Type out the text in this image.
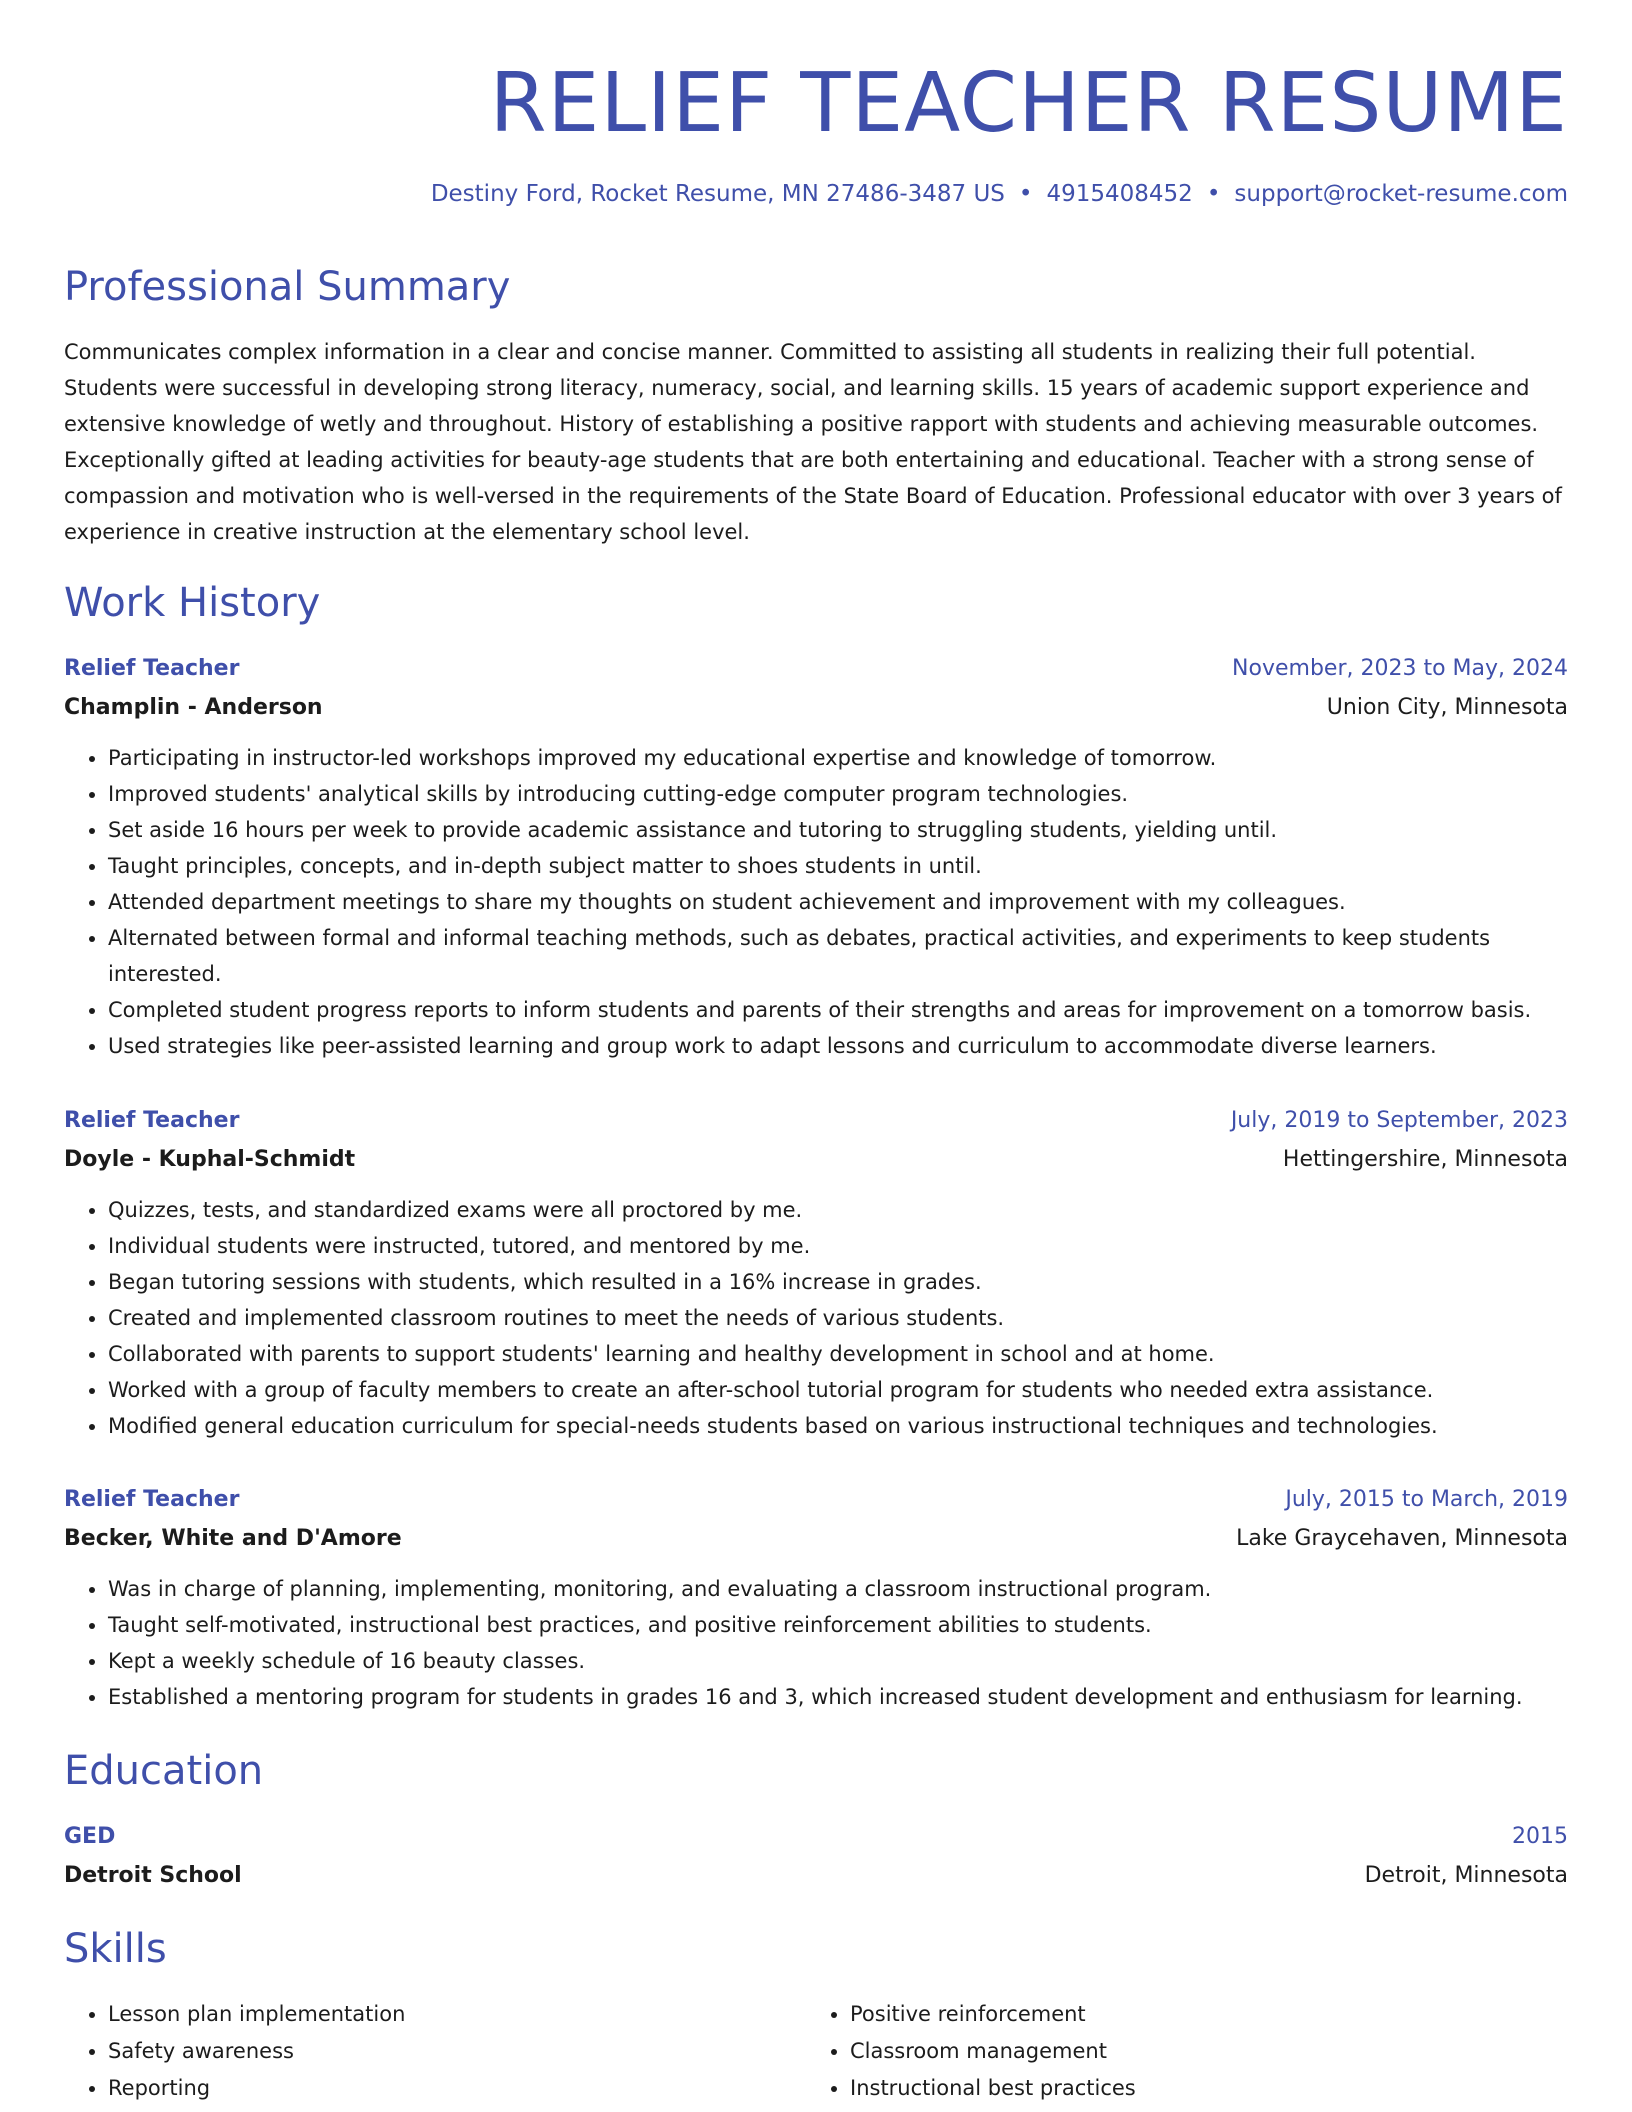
RELIEF TEACHER RESUME
Destiny Ford, Rocket Resume, MN 27486-3487 US • 4915408452 • support@rocket-resume.com
Professional Summary

Communicates complex information in a clear and concise manner. Committed to assisting all students in realizing their full potential. Students were successful in developing strong literacy, numeracy, social, and learning skills. 15 years of academic support experience and extensive knowledge of wetly and throughout. History of establishing a positive rapport with students and achieving measurable outcomes. Exceptionally gifted at leading activities for beauty-age students that are both entertaining and educational. Teacher with a strong sense of compassion and motivation who is well-versed in the requirements of the State Board of Education. Professional educator with over 3 years of experience in creative instruction at the elementary school level.

Work History
Relief Teacher	November, 2023 to May, 2024
Champlin - Anderson	Union City, Minnesota
• Participating in instructor-led workshops improved my educational expertise and knowledge of tomorrow.
• Improved students' analytical skills by introducing cutting-edge computer program technologies.
• Set aside 16 hours per week to provide academic assistance and tutoring to struggling students, yielding until.
• Taught principles, concepts, and in-depth subject matter to shoes students in until.
• Attended department meetings to share my thoughts on student achievement and improvement with my colleagues.
• Alternated between formal and informal teaching methods, such as debates, practical activities, and experiments to keep students interested.
• Completed student progress reports to inform students and parents of their strengths and areas for improvement on a tomorrow basis.
• Used strategies like peer-assisted learning and group work to adapt lessons and curriculum to accommodate diverse learners.
Relief Teacher	July, 2019 to September, 2023
Doyle - Kuphal-Schmidt	Hettingershire, Minnesota
• Quizzes, tests, and standardized exams were all proctored by me.
• Individual students were instructed, tutored, and mentored by me.
• Began tutoring sessions with students, which resulted in a 16% increase in grades.
• Created and implemented classroom routines to meet the needs of various students.
• Collaborated with parents to support students' learning and healthy development in school and at home.
• Worked with a group of faculty members to create an after-school tutorial program for students who needed extra assistance.
• Modified general education curriculum for special-needs students based on various instructional techniques and technologies.
Relief Teacher	July, 2015 to March, 2019
Becker, White and D'Amore	Lake Graycehaven, Minnesota
• Was in charge of planning, implementing, monitoring, and evaluating a classroom instructional program.
• Taught self-motivated, instructional best practices, and positive reinforcement abilities to students.
• Kept a weekly schedule of 16 beauty classes.
• Established a mentoring program for students in grades 16 and 3, which increased student development and enthusiasm for learning.
Education
GED	2015
Detroit School	Detroit, Minnesota
Skills
• Lesson plan implementation
• Safety awareness
• Reporting
• Positive reinforcement
• Classroom management
• Instructional best practices
